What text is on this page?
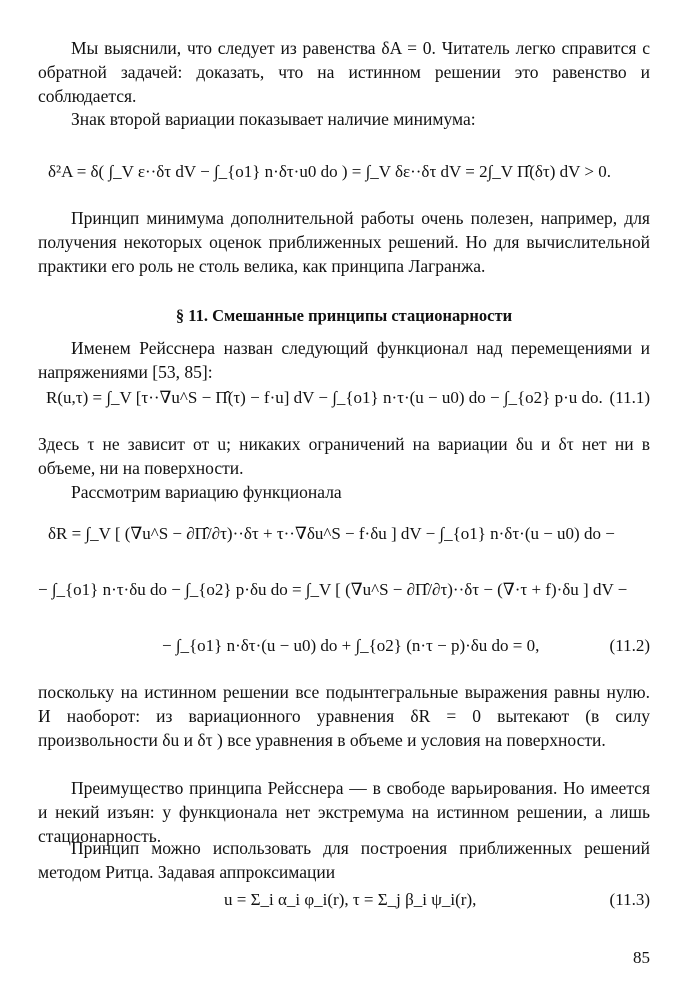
Мы выяснили, что следует из равенства δA = 0. Читатель легко справится с обратной задачей: доказать, что на истинном решении это равенство и соблюдается.

Знак второй вариации показывает наличие минимума:

δ²A = δ( ∫_V ε··δτ dV − ∫_{o1} n·δτ·u0 do ) = ∫_V δε··δτ dV = 2∫_V Π̂(δτ) dV > 0.

Принцип минимума дополнительной работы очень полезен, например, для получения некоторых оценок приближенных решений. Но для вычислительной практики его роль не столь велика, как принципа Лагранжа.

§ 11. Смешанные принципы стационарности

Именем Рейсснера назван следующий функционал над перемещениями и напряжениями [53, 85]:

R(u,τ) = ∫_V [τ··∇u^S − Π̂(τ) − f·u] dV − ∫_{o1} n·τ·(u − u0) do − ∫_{o2} p·u do. (11.1)

Здесь τ не зависит от u; никаких ограничений на вариации δu и δτ нет ни в объеме, ни на поверхности.

Рассмотрим вариацию функционала

δR = ∫_V [ (∇u^S − ∂Π̂/∂τ)··δτ + τ··∇δu^S − f·δu ] dV − ∫_{o1} n·δτ·(u − u0) do −
− ∫_{o1} n·τ·δu do − ∫_{o2} p·δu do = ∫_V [ (∇u^S − ∂Π̂/∂τ)··δτ − (∇·τ + f)·δu ] dV −
− ∫_{o1} n·δτ·(u − u0) do + ∫_{o2} (n·τ − p)·δu do = 0,	(11.2)

поскольку на истинном решении все подынтегральные выражения равны нулю. И наоборот: из вариационного уравнения δR = 0 вытекают (в силу произвольности δu и δτ ) все уравнения в объеме и условия на поверхности.

Преимущество принципа Рейсснера — в свободе варьирования. Но имеется и некий изъян: у функционала нет экстремума на истинном решении, а лишь стационарность.

Принцип можно использовать для построения приближенных решений методом Ритца. Задавая аппроксимации

u = Σ_i α_i φ_i(r), τ = Σ_j β_i ψ_i(r),	(11.3)
85
